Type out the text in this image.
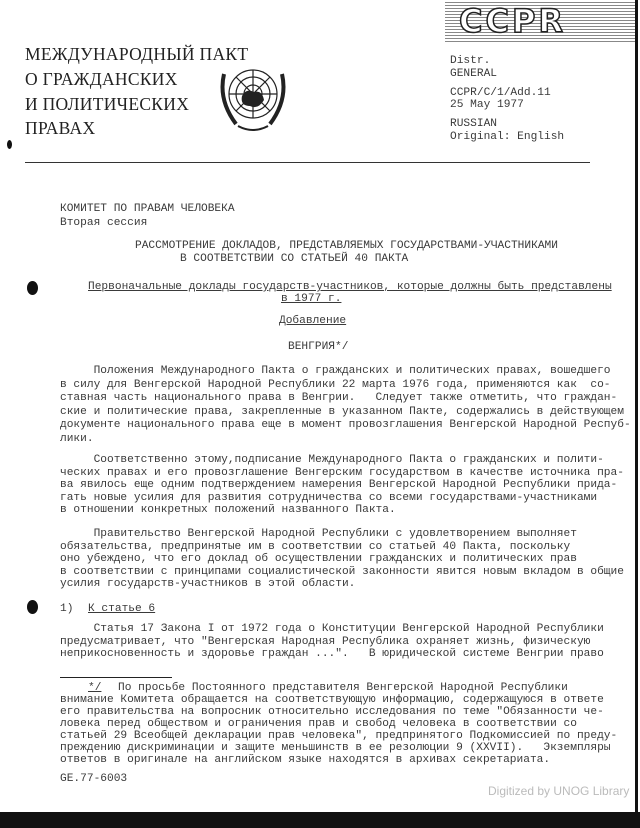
CCPR
МЕЖДУНАРОДНЫЙ ПАКТ
О ГРАЖДАНСКИХ
И ПОЛИТИЧЕСКИХ
ПРАВАХ
Distr.
GENERAL
CCPR/C/1/Add.11
25 May 1977
RUSSIAN
Original: English
КОМИТЕТ ПО ПРАВАМ ЧЕЛОВЕКА
Вторая сессия
РАССМОТРЕНИЕ ДОКЛАДОВ, ПРЕДСТАВЛЯЕМЫХ ГОСУДАРСТВАМИ-УЧАСТНИКАМИ
В СООТВЕТСТВИИ СО СТАТЬЕЙ 40 ПАКТА
Первоначальные доклады государств-участников, которые должны быть представлены
в 1977 г.
Добавление
ВЕНГРИЯ*/
Положения Международного Пакта о гражданских и политических правах, вошедшего
в силу для Венгерской Народной Республики 22 марта 1976 года, применяются как  со-
ставная часть национального права в Венгрии.   Следует также отметить, что граждан-
ские и политические права, закрепленные в указанном Пакте, содержались в действующем
документе национального права еще в момент провозглашения Венгерской Народной Респуб-
лики.
Соответственно этому,подписание Международного Пакта о гражданских и полити-
ческих правах и его провозглашение Венгерским государством в качестве источника пра-
ва явилось еще одним подтверждением намерения Венгерской Народной Республики прида-
гать новые усилия для развития сотрудничества со всеми государствами-участниками
в отношении конкретных положений названного Пакта.
Правительство Венгерской Народной Республики с удовлетворением выполняет
обязательства, предпринятые им в соответствии со статьей 40 Пакта, поскольку
оно убеждено, что его доклад об осуществлении гражданских и политических прав
в соответствии с принципами социалистической законности явится новым вкладом в общие
усилия государств-участников в этой области.
1) К статье 6
Статья 17 Закона I от 1972 года о Конституции Венгерской Народной Республики
предусматривает, что "Венгерская Народная Республика охраняет жизнь, физическую
неприкосновенность и здоровье граждан ...".   В юридической системе Венгрии право
*/ По просьбе Постоянного представителя Венгерской Народной Республики
внимание Комитета обращается на соответствующую информацию, содержащуюся в ответе
его правительства на вопросник относительно исследования по теме "Обязанности че-
ловека перед обществом и ограничения прав и свобод человека в соответствии со
статьей 29 Всеобщей декларации прав человека", предпринятого Подкомиссией по преду-
преждению дискриминации и защите меньшинств в ее резолюции 9 (XXVII).   Экземпляры
ответов в оригинале на английском языке находятся в архивах секретариата.
GE.77-6003
Digitized by UNOG Library
